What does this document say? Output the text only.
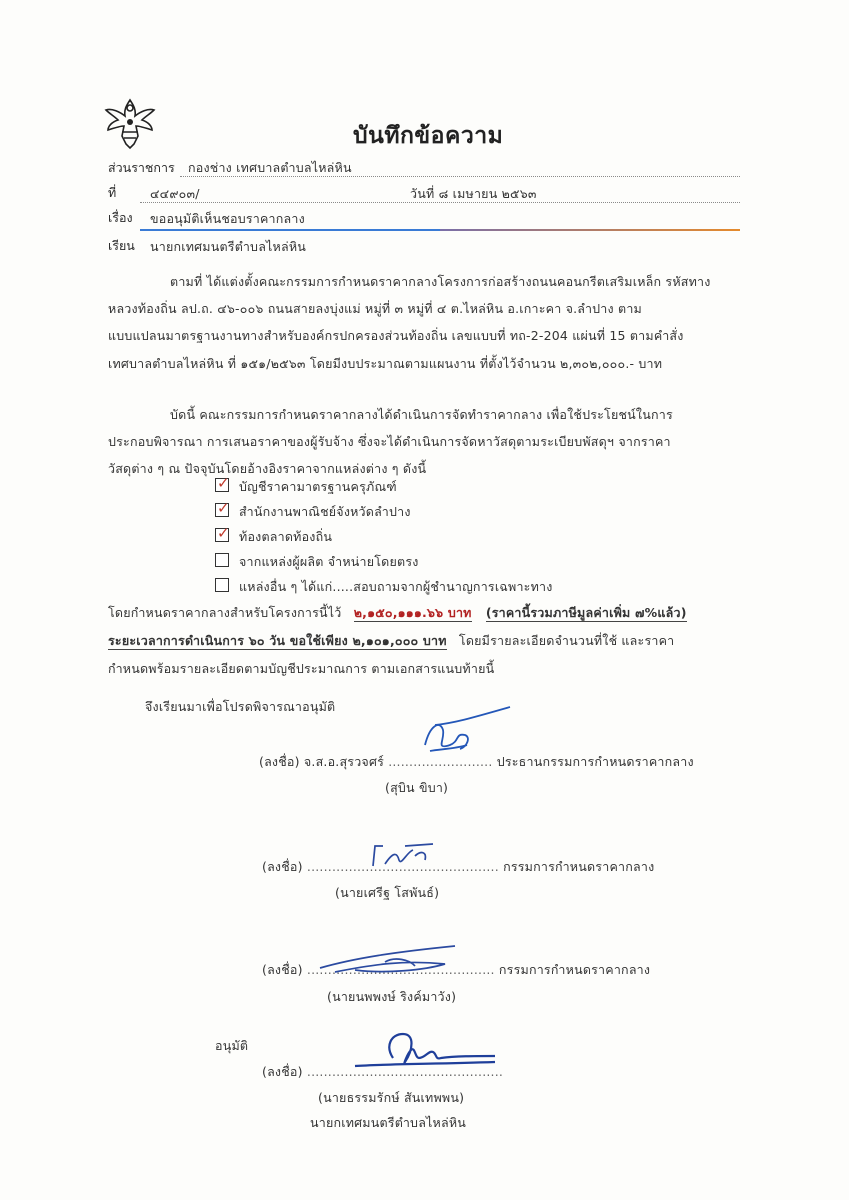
บันทึกข้อความ
ส่วนราชการ กองช่าง เทศบาลตำบลไหล่หิน
ที่	๔๔๙๐๓/	วันที่ ๘ เมษายน ๒๕๖๓
เรื่อง ขออนุมัติเห็นชอบราคากลาง
เรียน นายกเทศมนตรีตำบลไหล่หิน
ตามที่ ได้แต่งตั้งคณะกรรมการกำหนดราคากลางโครงการก่อสร้างถนนคอนกรีตเสริมเหล็ก รหัสทาง
หลวงท้องถิ่น ลป.ถ. ๔๖-๐๐๖ ถนนสายลงบุ่งแม่ หมู่ที่ ๓ หมู่ที่ ๔ ต.ไหล่หิน อ.เกาะคา จ.ลำปาง ตาม
แบบแปลนมาตรฐานงานทางสำหรับองค์กรปกครองส่วนท้องถิ่น เลขแบบที่ ทถ-2-204 แผ่นที่ 15 ตามคำสั่ง
เทศบาลตำบลไหล่หิน ที่ ๑๕๑/๒๕๖๓ โดยมีงบประมาณตามแผนงาน ที่ตั้งไว้จำนวน ๒,๓๐๒,๐๐๐.- บาท
บัดนี้ คณะกรรมการกำหนดราคากลางได้ดำเนินการจัดทำราคากลาง เพื่อใช้ประโยชน์ในการ
ประกอบพิจารณา การเสนอราคาของผู้รับจ้าง ซึ่งจะได้ดำเนินการจัดหาวัสดุตามระเบียบพัสดุฯ จากราคา
วัสดุต่าง ๆ ณ ปัจจุบันโดยอ้างอิงราคาจากแหล่งต่าง ๆ ดังนี้
✓ บัญชีราคามาตรฐานครุภัณฑ์
✓ สำนักงานพาณิชย์จังหวัดลำปาง
✓ ท้องตลาดท้องถิ่น
จากแหล่งผู้ผลิต จำหน่ายโดยตรง
แหล่งอื่น ๆ ได้แก่.....สอบถามจากผู้ชำนาญการเฉพาะทาง
โดยกำหนดราคากลางสำหรับโครงการนี้ไว้ ๒,๑๕๐,๑๑๑.๖๖ บาท (ราคานี้รวมภาษีมูลค่าเพิ่ม ๗%แล้ว)
ระยะเวลาการดำเนินการ ๖๐ วัน ขอใช้เพียง ๒,๑๐๑,๐๐๐ บาท โดยมีรายละเอียดจำนวนที่ใช้ และราคา
กำหนดพร้อมรายละเอียดตามบัญชีประมาณการ ตามเอกสารแนบท้ายนี้
จึงเรียนมาเพื่อโปรดพิจารณาอนุมัติ
(ลงชื่อ) จ.ส.อ.สุรวจศร์ ......................... ประธานกรรมการกำหนดราคากลาง
(สุบิน ขิบา)
(ลงชื่อ) .............................................. กรรมการกำหนดราคากลาง
(นายเศรีฐ โสพันธ์)
(ลงชื่อ) ............................................. กรรมการกำหนดราคากลาง
(นายนพพงษ์ ริงค์มาวัง)
อนุมัติ
(ลงชื่อ) ...............................................
(นายธรรมรักษ์ สันเทพพน)
นายกเทศมนตรีตำบลไหล่หิน
